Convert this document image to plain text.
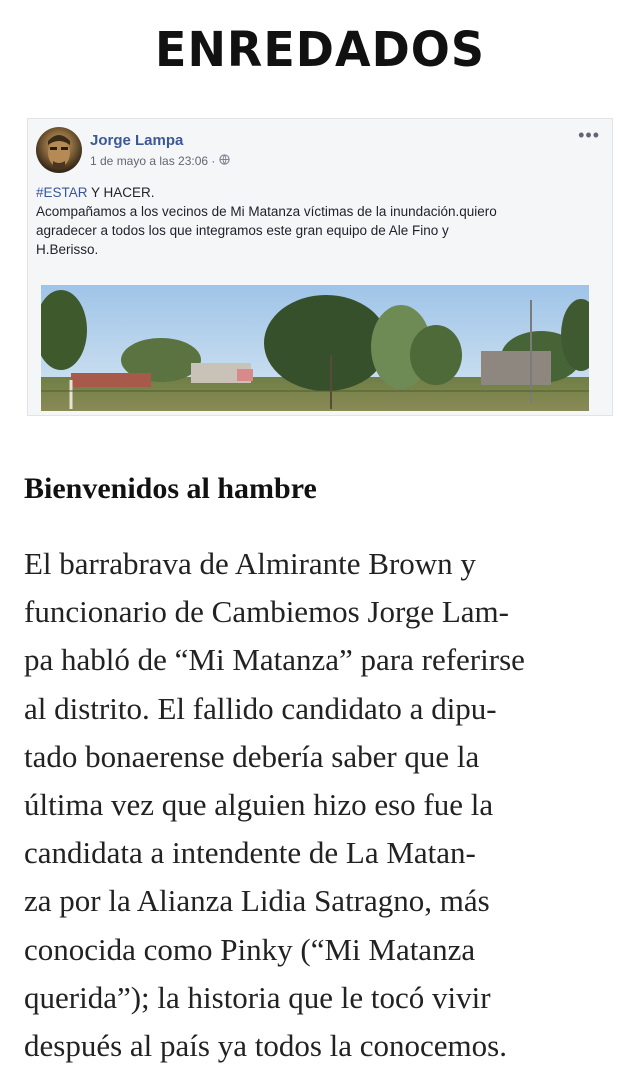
ENREDADOS
Jorge Lampa
1 de mayo a las 23:06 ·
•••
#ESTAR Y HACER.
Acompañamos a los vecinos de Mi Matanza víctimas de la inundación.quiero
agradecer a todos los que integramos este gran equipo de Ale Fino y
H.Berisso.
Bienvenidos al hambre

El barrabrava de Almirante Brown y
funcionario de Cambiemos Jorge Lam-
pa habló de “Mi Matanza” para referirse
al distrito. El fallido candidato a dipu-
tado bonaerense debería saber que la
última vez que alguien hizo eso fue la
candidata a intendente de La Matan-
za por la Alianza Lidia Satragno, más
conocida como Pinky (“Mi Matanza
querida”); la historia que le tocó vivir
después al país ya todos la conocemos.
